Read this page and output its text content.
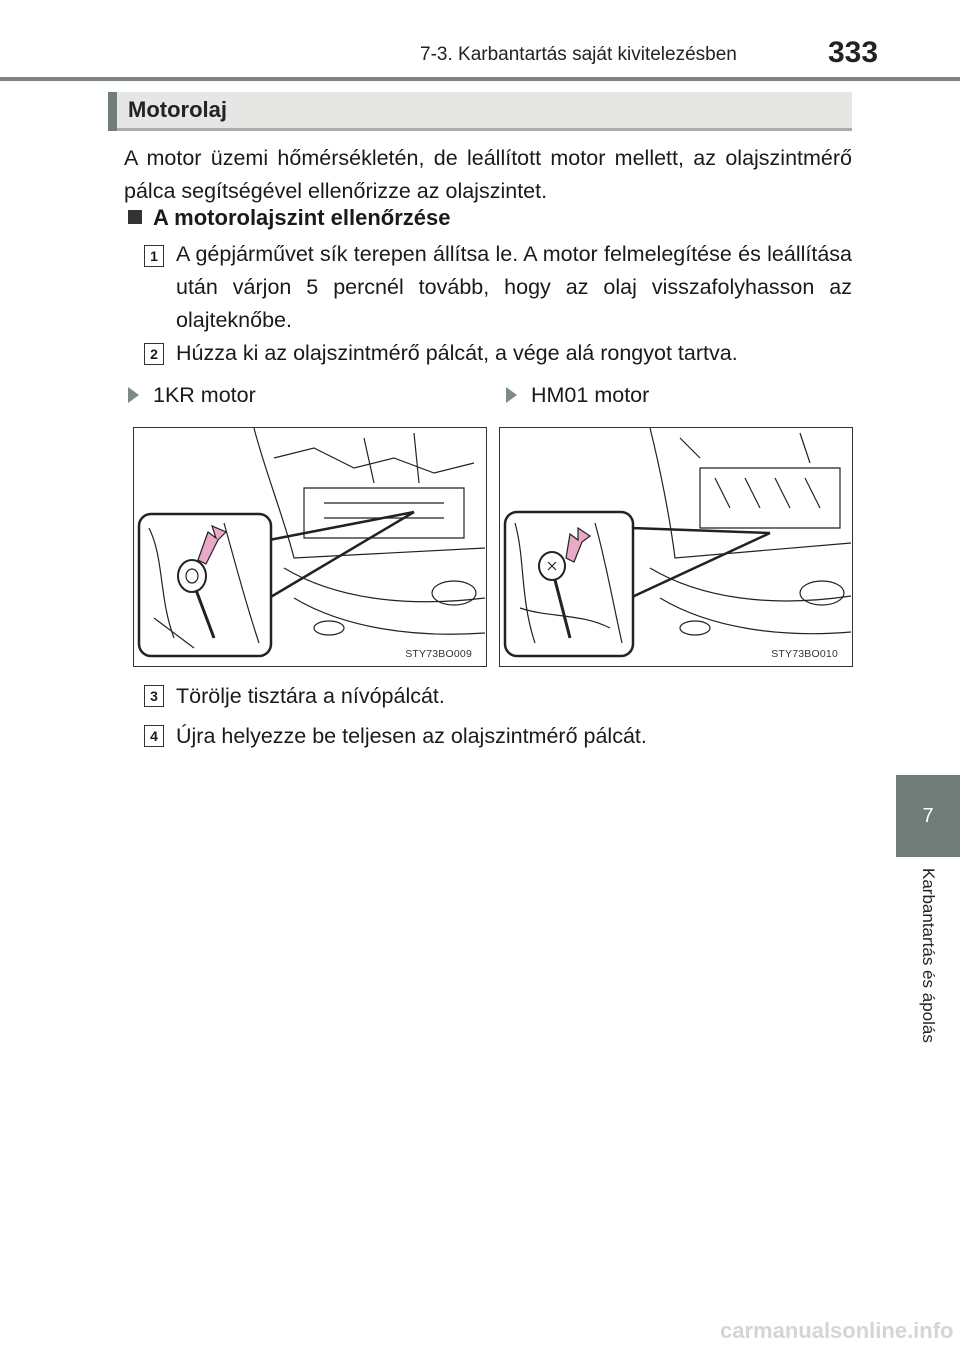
7-3. Karbantartás saját kivitelezésben	333
7
Karbantartás és ápolás
Motorolaj
A motor üzemi hőmérsékletén, de leállított motor mellett, az olajszintmérő pálca segítségével ellenőrizze az olajszintet.
A motorolajszint ellenőrzése
1 A gépjárművet sík terepen állítsa le. A motor felmelegítése és leállítása után várjon 5 percnél tovább, hogy az olaj visszafolyhasson az olajteknőbe.
2 Húzza ki az olajszintmérő pálcát, a vége alá rongyot tartva.
1KR motor	HM01 motor
STY73BO009	STY73BO010
3 Törölje tisztára a nívópálcát.
4 Újra helyezze be teljesen az olajszintmérő pálcát.
carmanualsonline.info
